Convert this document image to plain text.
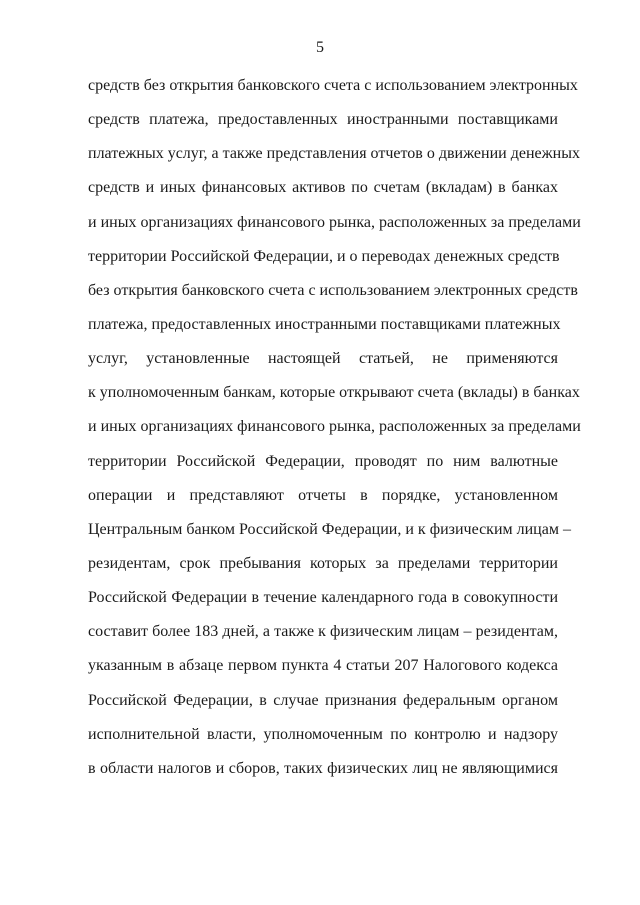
5
средств без открытия банковского счета с использованием электронных
средств платежа, предоставленных иностранными поставщиками
платежных услуг, а также представления отчетов о движении денежных
средств и иных финансовых активов по счетам (вкладам) в банках
и иных организациях финансового рынка, расположенных за пределами
территории Российской Федерации, и о переводах денежных средств
без открытия банковского счета с использованием электронных средств
платежа, предоставленных иностранными поставщиками платежных
услуг, установленные настоящей статьей, не применяются
к уполномоченным банкам, которые открывают счета (вклады) в банках
и иных организациях финансового рынка, расположенных за пределами
территории Российской Федерации, проводят по ним валютные
операции и представляют отчеты в порядке, установленном
Центральным банком Российской Федерации, и к физическим лицам –
резидентам, срок пребывания которых за пределами территории
Российской Федерации в течение календарного года в совокупности
составит более 183 дней, а также к физическим лицам – резидентам,
указанным в абзаце первом пункта 4 статьи 207 Налогового кодекса
Российской Федерации, в случае признания федеральным органом
исполнительной власти, уполномоченным по контролю и надзору
в области налогов и сборов, таких физических лиц не являющимися
